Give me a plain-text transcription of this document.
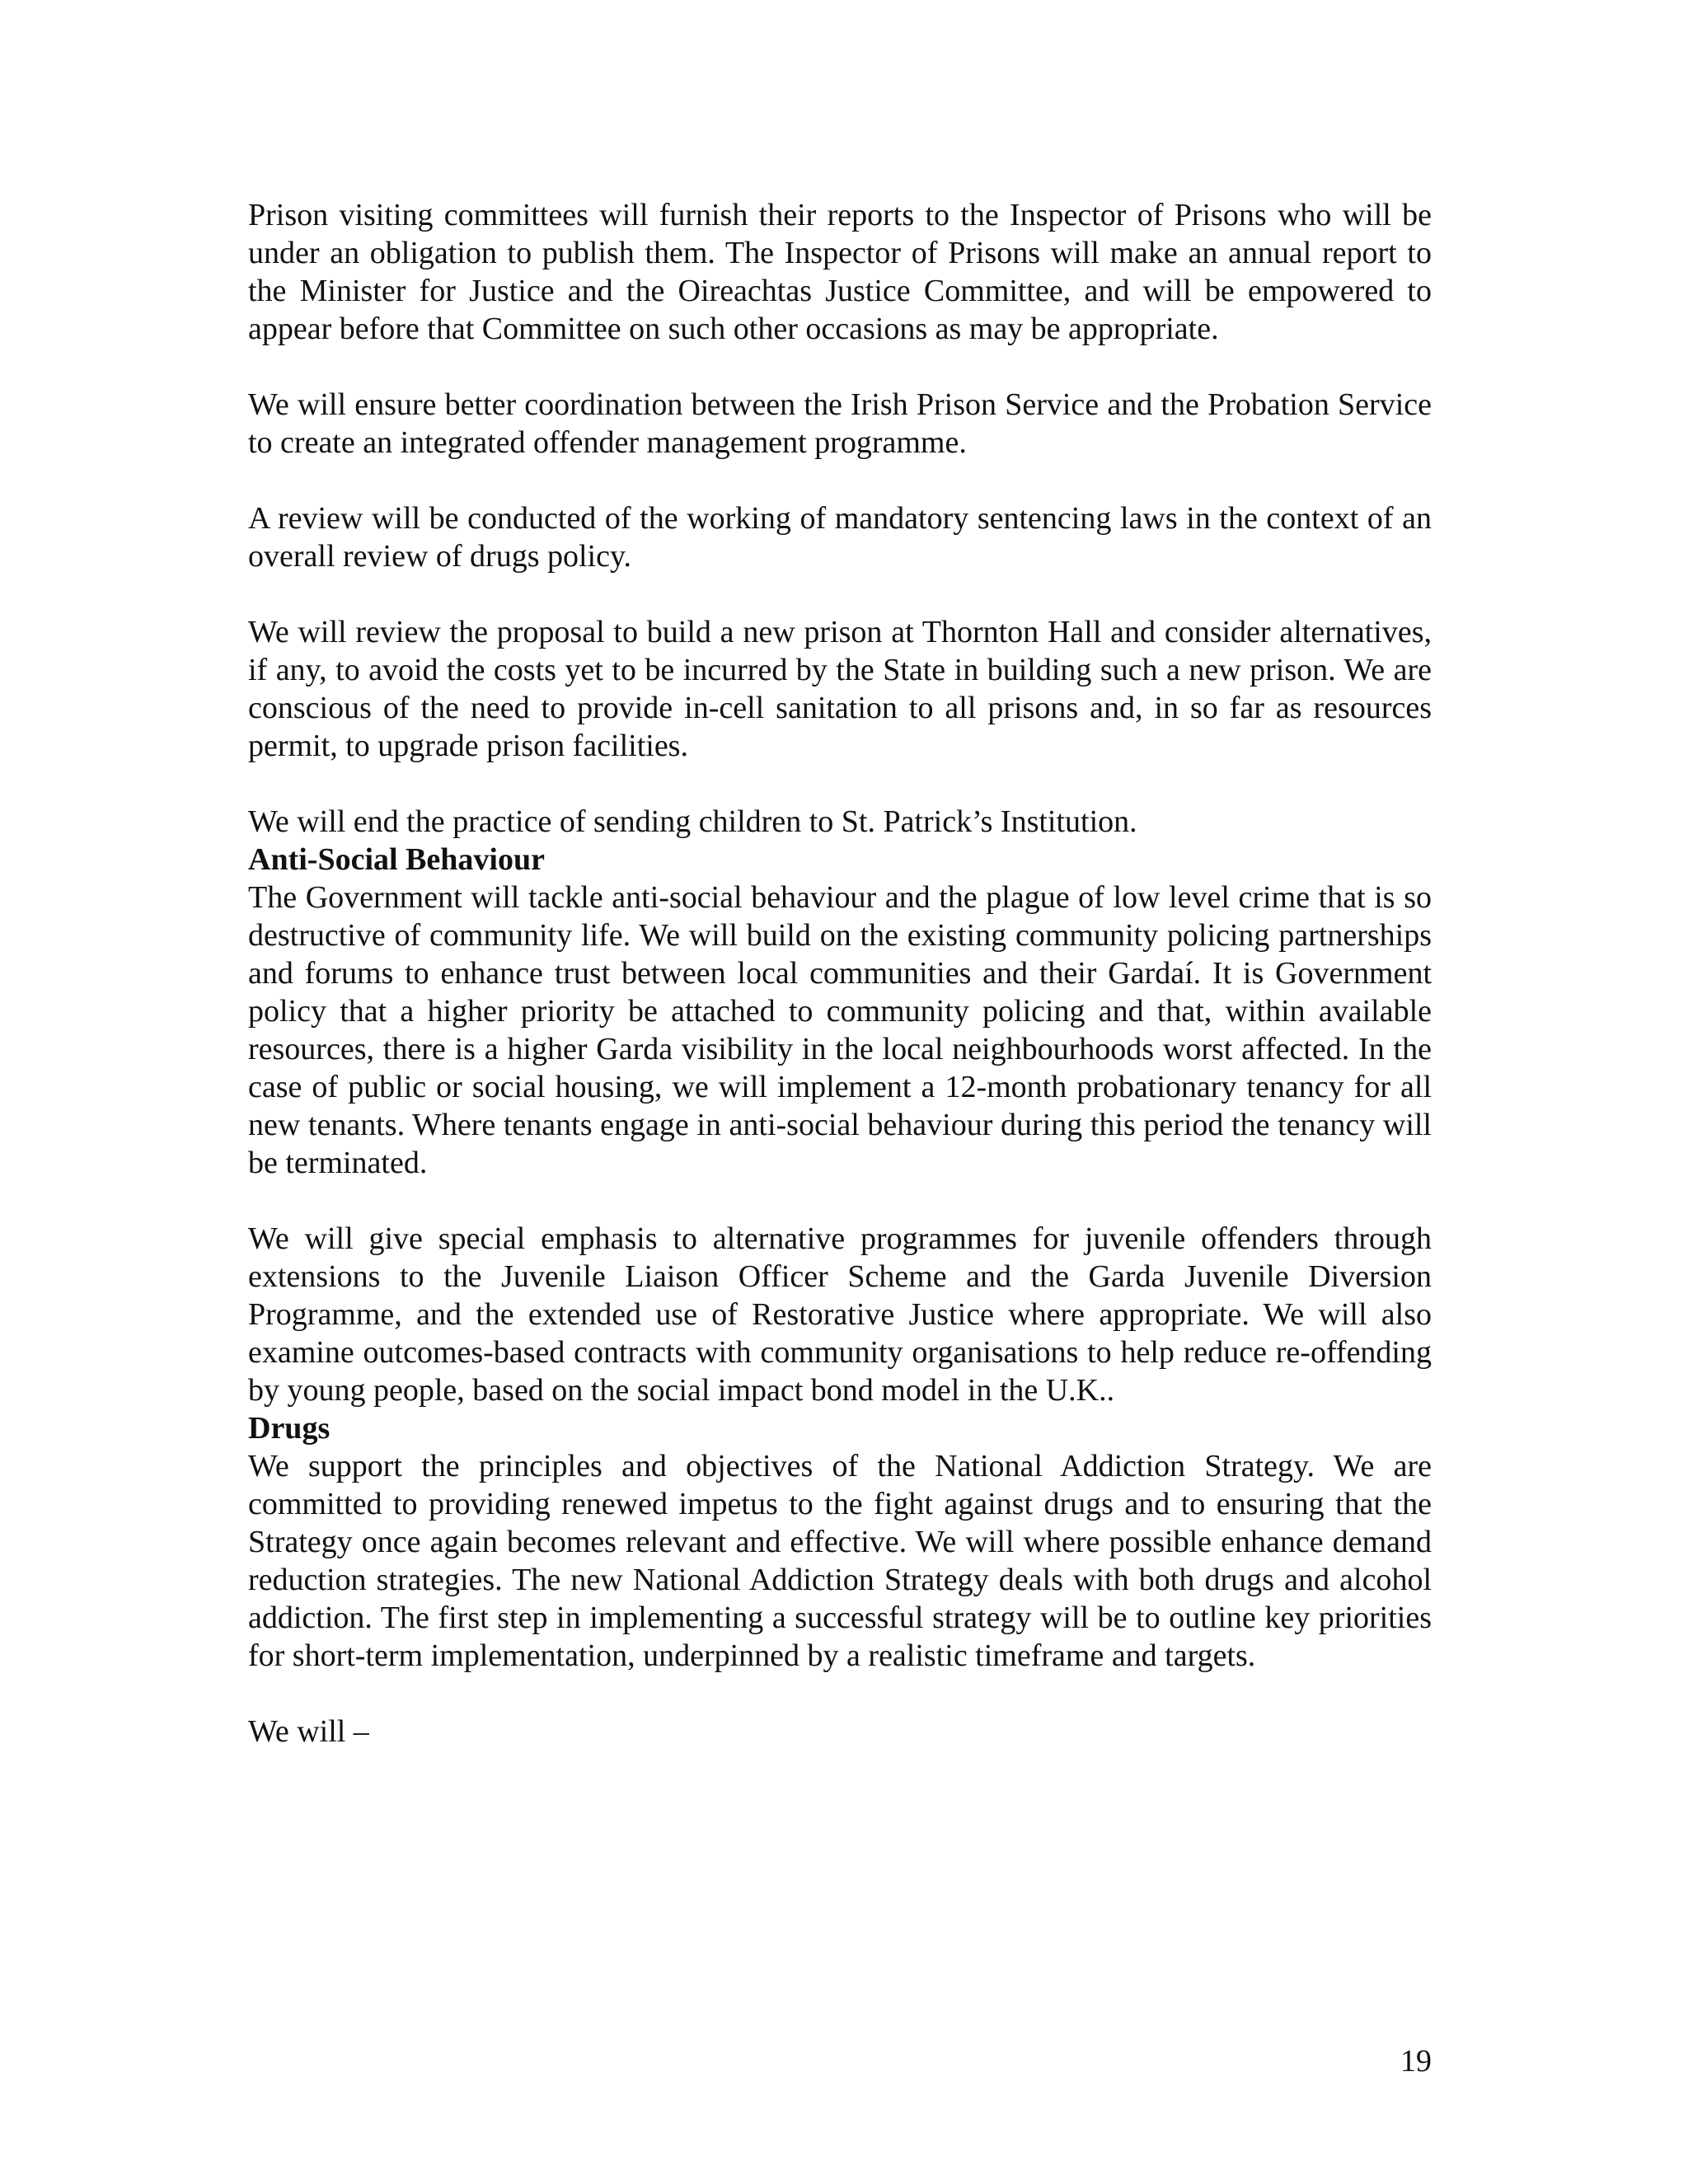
Prison visiting committees will furnish their reports to the Inspector of Prisons who will be under an obligation to publish them. The Inspector of Prisons will make an annual report to the Minister for Justice and the Oireachtas Justice Committee, and will be empowered to appear before that Committee on such other occasions as may be appropriate.

We will ensure better coordination between the Irish Prison Service and the Probation Service to create an integrated offender management programme.

A review will be conducted of the working of mandatory sentencing laws in the context of an overall review of drugs policy.

We will review the proposal to build a new prison at Thornton Hall and consider alternatives, if any, to avoid the costs yet to be incurred by the State in building such a new prison. We are conscious of the need to provide in-cell sanitation to all prisons and, in so far as resources permit, to upgrade prison facilities.

We will end the practice of sending children to St. Patrick’s Institution.

Anti-Social Behaviour

The Government will tackle anti-social behaviour and the plague of low level crime that is so destructive of community life. We will build on the existing community policing partnerships and forums to enhance trust between local communities and their Gardaí. It is Government policy that a higher priority be attached to community policing and that, within available resources, there is a higher Garda visibility in the local neighbourhoods worst affected. In the case of public or social housing, we will implement a 12-month probationary tenancy for all new tenants. Where tenants engage in anti-social behaviour during this period the tenancy will be terminated.

We will give special emphasis to alternative programmes for juvenile offenders through extensions to the Juvenile Liaison Officer Scheme and the Garda Juvenile Diversion Programme, and the extended use of Restorative Justice where appropriate. We will also examine outcomes-based contracts with community organisations to help reduce re-offending by young people, based on the social impact bond model in the U.K..

Drugs

We support the principles and objectives of the National Addiction Strategy. We are committed to providing renewed impetus to the fight against drugs and to ensuring that the Strategy once again becomes relevant and effective. We will where possible enhance demand reduction strategies. The new National Addiction Strategy deals with both drugs and alcohol addiction. The first step in implementing a successful strategy will be to outline key priorities for short-term implementation, underpinned by a realistic timeframe and targets.

We will –

19
